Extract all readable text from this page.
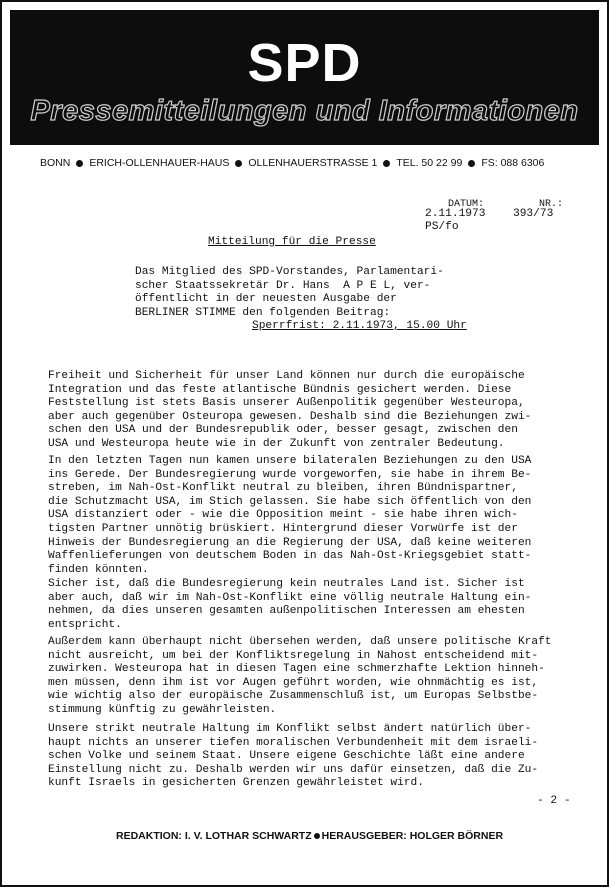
SPD
Pressemitteilungen und Informationen
BONN ERICH-OLLENHAUER-HAUS OLLENHAUERSTRASSE 1 TEL. 50 22 99 FS: 088 6306
DATUM:	NR.:
2.11.1973 393/73
PS/fo
Mitteilung für die Presse
Das Mitglied des SPD-Vorstandes, Parlamentari-
scher Staatssekretär Dr. Hans  A P E L, ver-
öffentlicht in der neuesten Ausgabe der
BERLINER STIMME den folgenden Beitrag:
Sperrfrist: 2.11.1973, 15.00 Uhr
Freiheit und Sicherheit für unser Land können nur durch die europäische
Integration und das feste atlantische Bündnis gesichert werden. Diese
Feststellung ist stets Basis unserer Außenpolitik gegenüber Westeuropa,
aber auch gegenüber Osteuropa gewesen. Deshalb sind die Beziehungen zwi-
schen den USA und der Bundesrepublik oder, besser gesagt, zwischen den
USA und Westeuropa heute wie in der Zukunft von zentraler Bedeutung.
In den letzten Tagen nun kamen unsere bilateralen Beziehungen zu den USA
ins Gerede. Der Bundesregierung wurde vorgeworfen, sie habe in ihrem Be-
streben, im Nah-Ost-Konflikt neutral zu bleiben, ihren Bündnispartner,
die Schutzmacht USA, im Stich gelassen. Sie habe sich öffentlich von den
USA distanziert oder - wie die Opposition meint - sie habe ihren wich-
tigsten Partner unnötig brüskiert. Hintergrund dieser Vorwürfe ist der
Hinweis der Bundesregierung an die Regierung der USA, daß keine weiteren
Waffenlieferungen von deutschem Boden in das Nah-Ost-Kriegsgebiet statt-
finden könnten.
Sicher ist, daß die Bundesregierung kein neutrales Land ist. Sicher ist
aber auch, daß wir im Nah-Ost-Konflikt eine völlig neutrale Haltung ein-
nehmen, da dies unseren gesamten außenpolitischen Interessen am ehesten
entspricht.
Außerdem kann überhaupt nicht übersehen werden, daß unsere politische Kraft
nicht ausreicht, um bei der Konfliktsregelung in Nahost entscheidend mit-
zuwirken. Westeuropa hat in diesen Tagen eine schmerzhafte Lektion hinneh-
men müssen, denn ihm ist vor Augen geführt worden, wie ohnmächtig es ist,
wie wichtig also der europäische Zusammenschluß ist, um Europas Selbstbe-
stimmung künftig zu gewährleisten.
Unsere strikt neutrale Haltung im Konflikt selbst ändert natürlich über-
haupt nichts an unserer tiefen moralischen Verbundenheit mit dem israeli-
schen Volke und seinem Staat. Unsere eigene Geschichte läßt eine andere
Einstellung nicht zu. Deshalb werden wir uns dafür einsetzen, daß die Zu-
kunft Israels in gesicherten Grenzen gewährleistet wird.
- 2 -
REDAKTION: I. V. LOTHAR SCHWARTZ HERAUSGEBER: HOLGER BÖRNER
